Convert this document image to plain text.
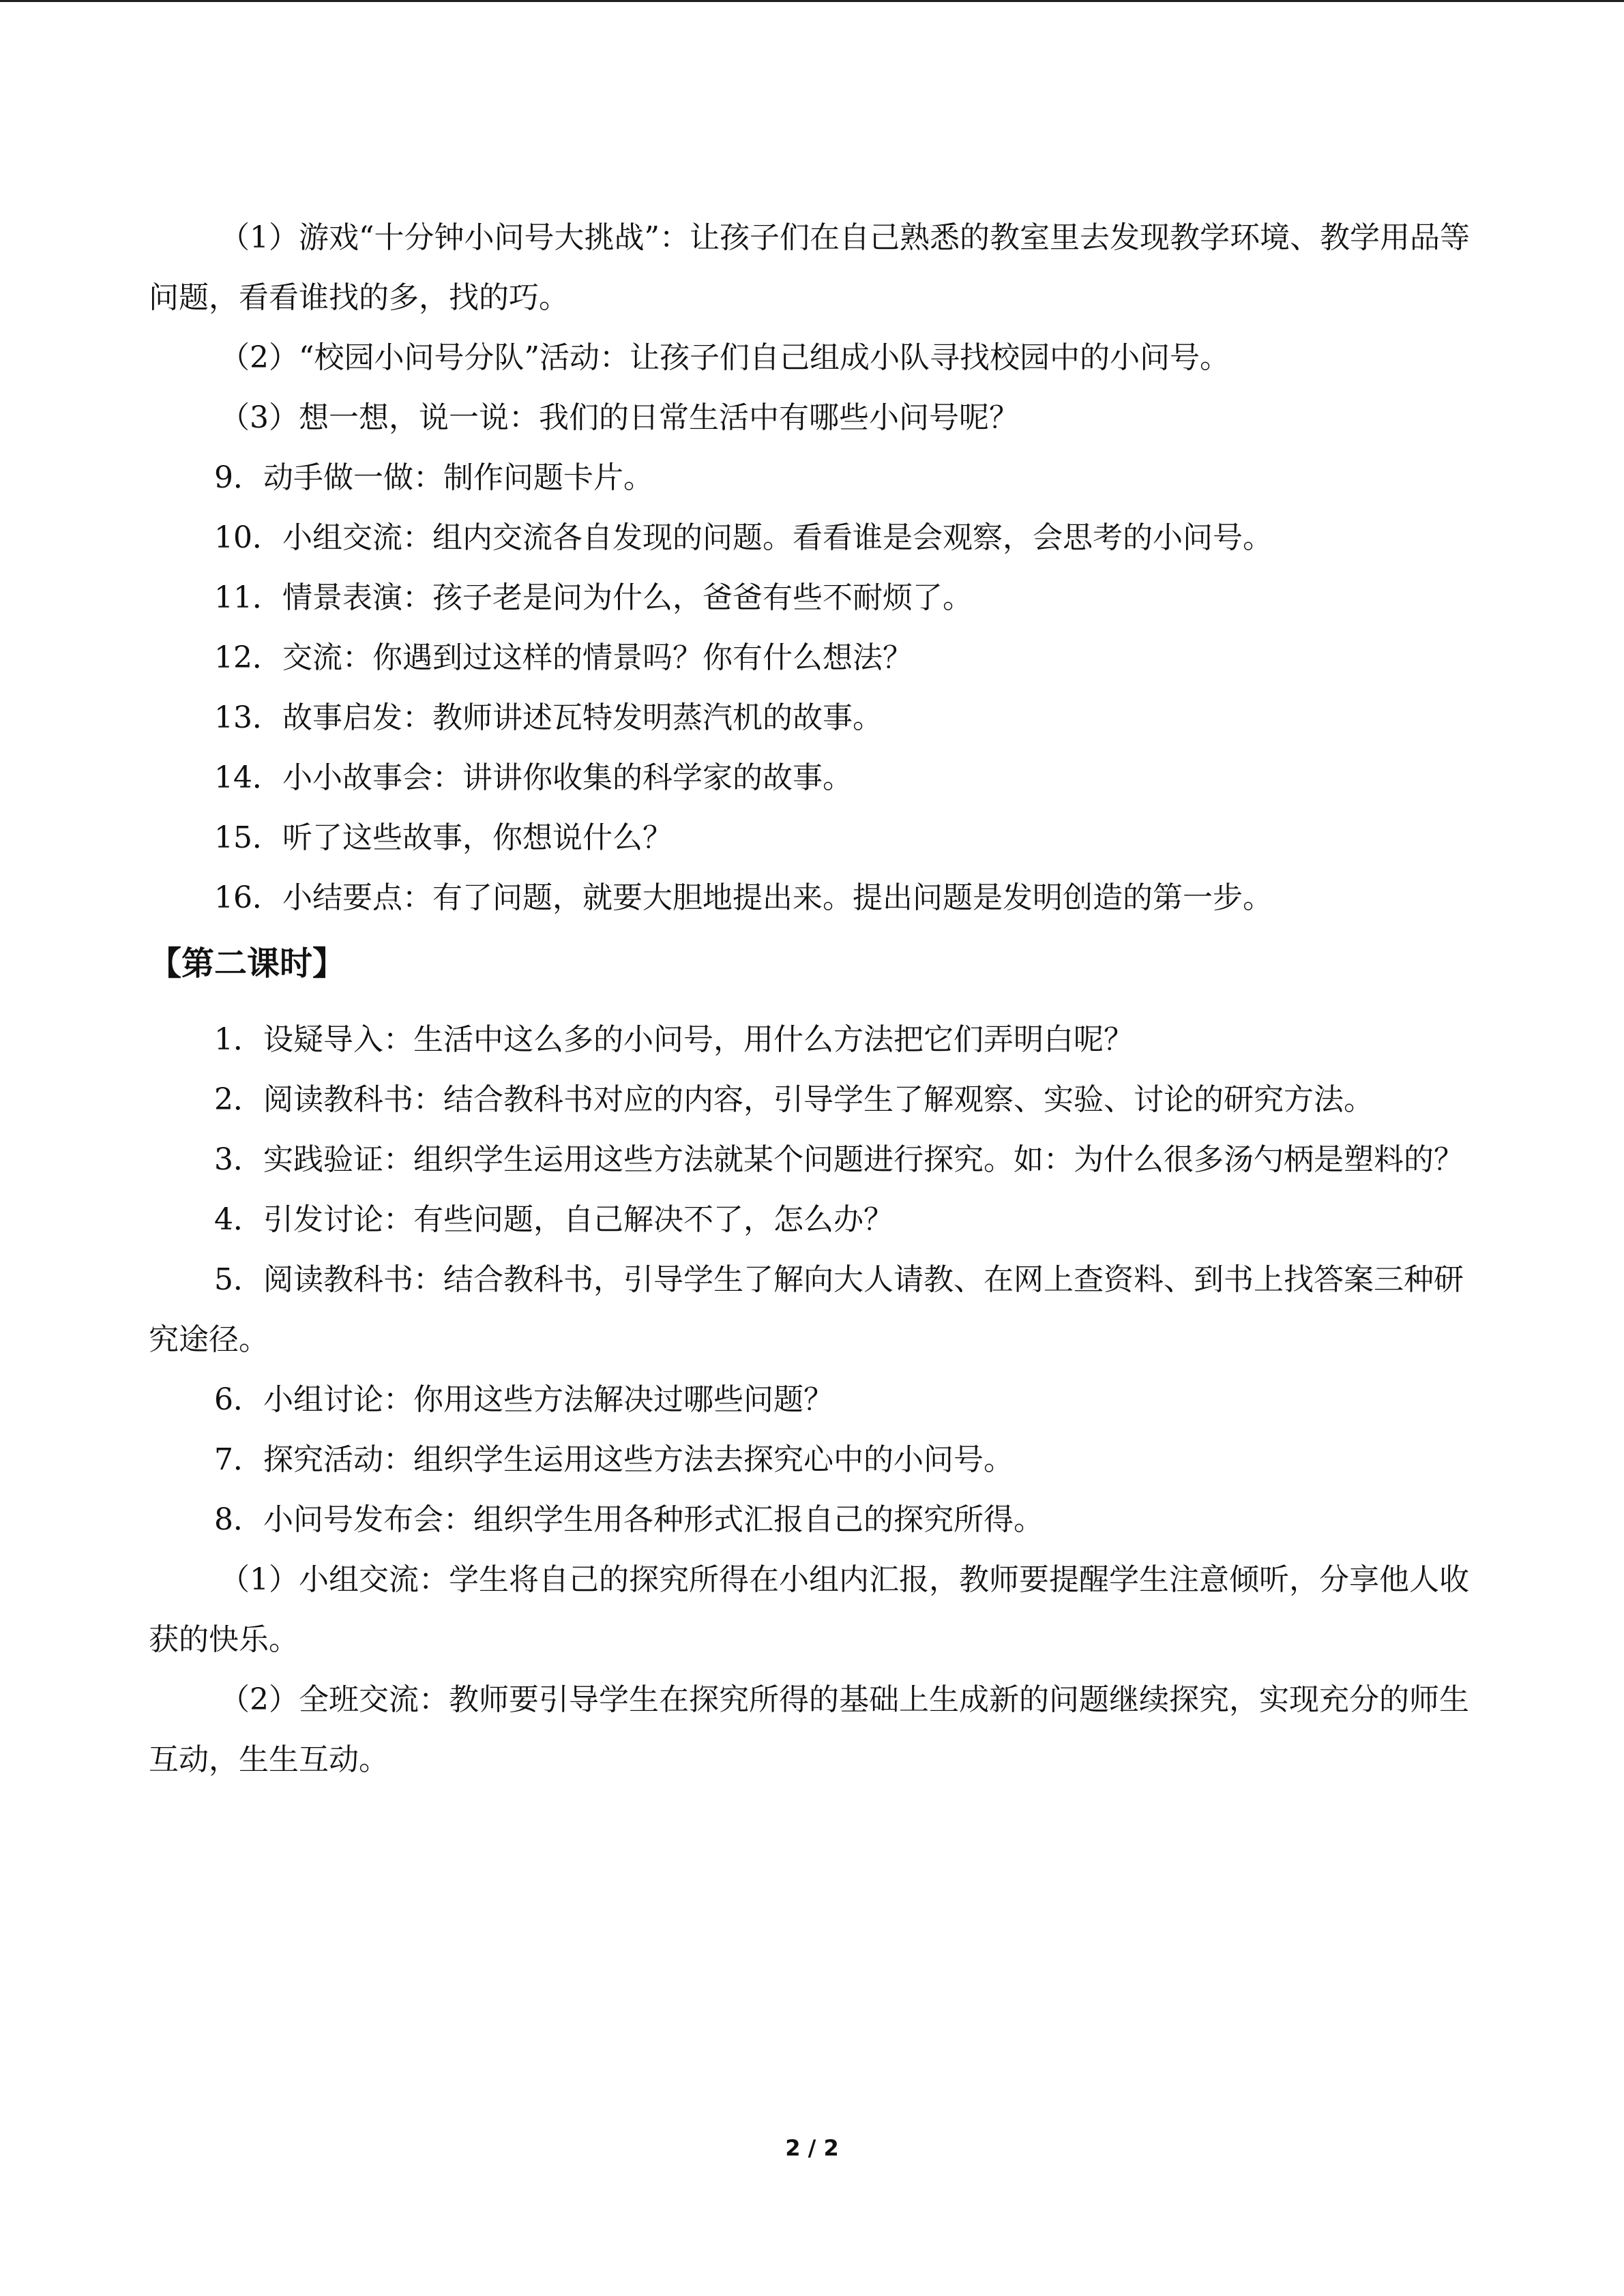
（1）游戏“十分钟小问号大挑战”：让孩子们在自己熟悉的教室里去发现教学环境、教学用品等问题，看看谁找的多，找的巧。

（2）“校园小问号分队”活动：让孩子们自己组成小队寻找校园中的小问号。

（3）想一想，说一说：我们的日常生活中有哪些小问号呢？

9．动手做一做：制作问题卡片。

10．小组交流：组内交流各自发现的问题。看看谁是会观察，会思考的小问号。

11．情景表演：孩子老是问为什么，爸爸有些不耐烦了。

12．交流：你遇到过这样的情景吗？你有什么想法？

13．故事启发：教师讲述瓦特发明蒸汽机的故事。

14．小小故事会：讲讲你收集的科学家的故事。

15．听了这些故事，你想说什么？

16．小结要点：有了问题，就要大胆地提出来。提出问题是发明创造的第一步。

【第二课时】

1．设疑导入：生活中这么多的小问号，用什么方法把它们弄明白呢？

2．阅读教科书：结合教科书对应的内容，引导学生了解观察、实验、讨论的研究方法。

3．实践验证：组织学生运用这些方法就某个问题进行探究。如：为什么很多汤勺柄是塑料的？

4．引发讨论：有些问题，自己解决不了，怎么办？

5．阅读教科书：结合教科书，引导学生了解向大人请教、在网上查资料、到书上找答案三种研究途径。

6．小组讨论：你用这些方法解决过哪些问题？

7．探究活动：组织学生运用这些方法去探究心中的小问号。

8．小问号发布会：组织学生用各种形式汇报自己的探究所得。

（1）小组交流：学生将自己的探究所得在小组内汇报，教师要提醒学生注意倾听，分享他人收获的快乐。

（2）全班交流：教师要引导学生在探究所得的基础上生成新的问题继续探究，实现充分的师生互动，生生互动。

2 / 2
